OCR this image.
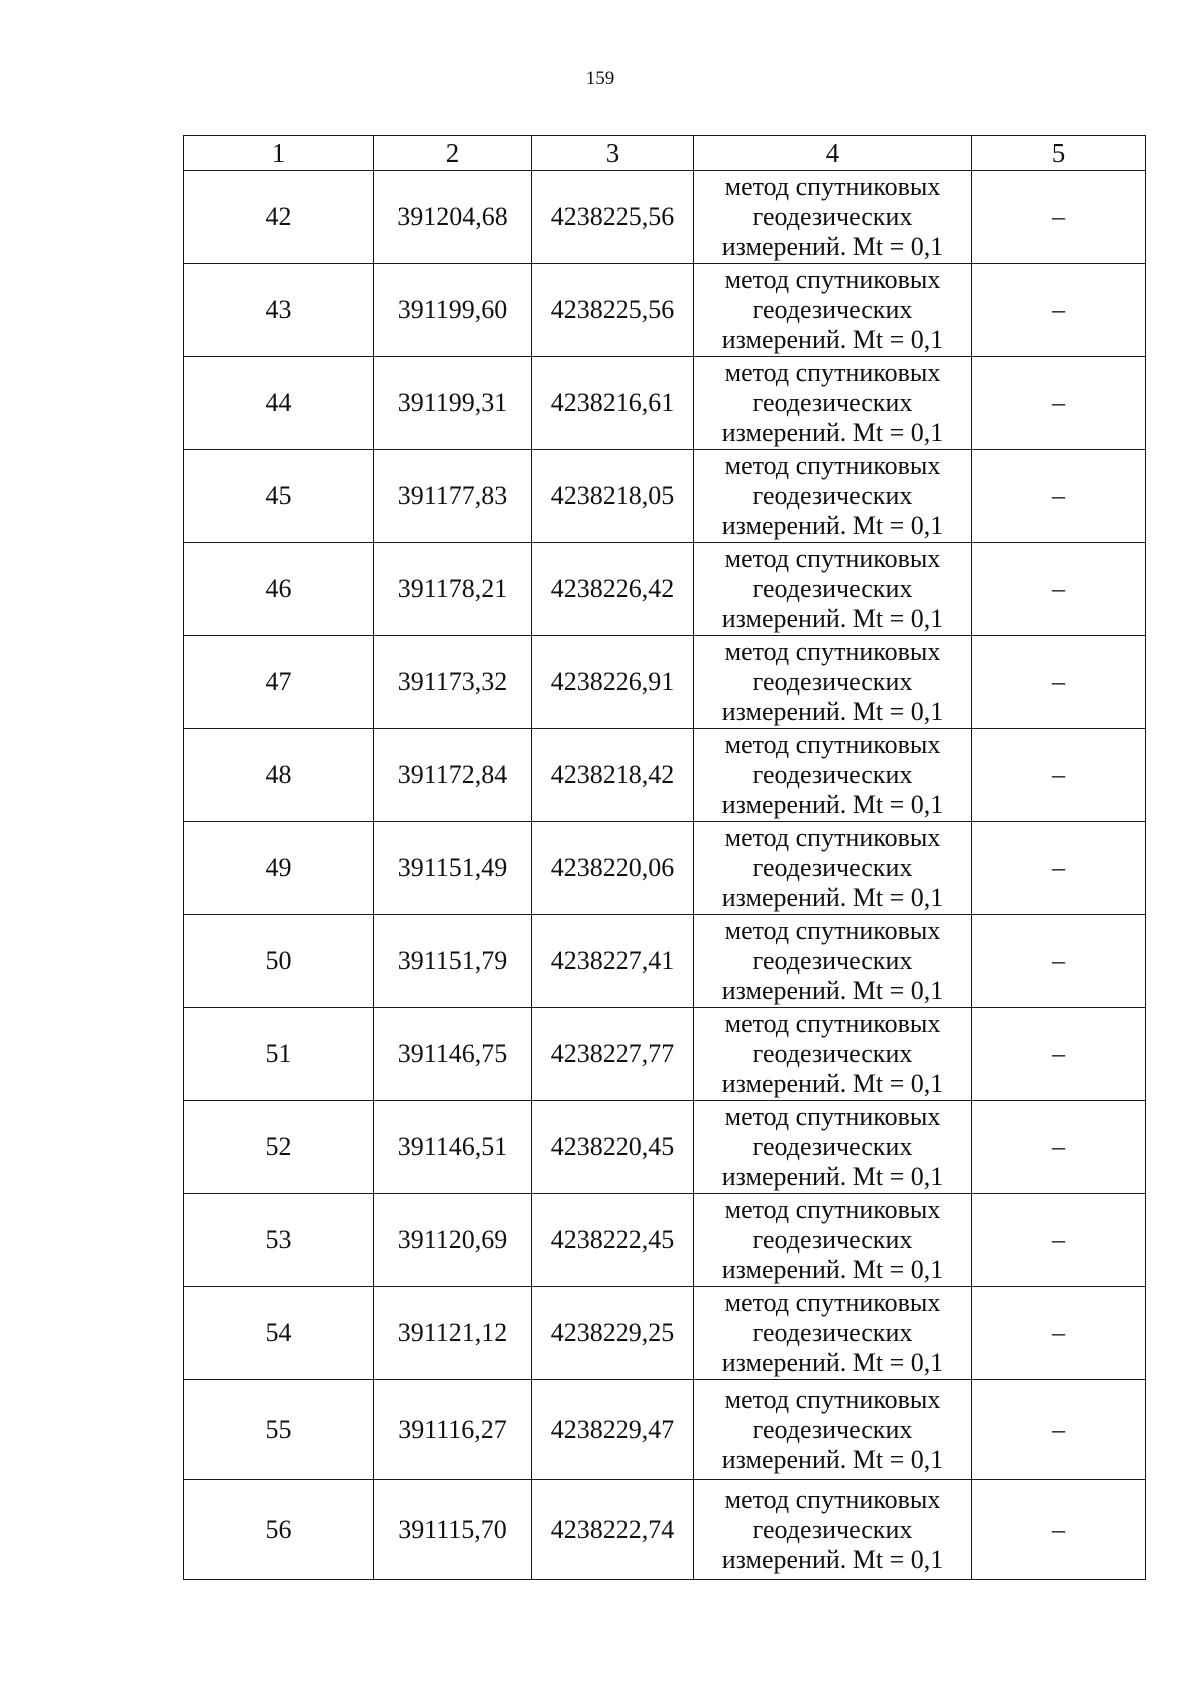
159
1	2	3	4	5
42	391204,68	4238225,56	метод спутниковых
геодезических
измерений. Mt = 0,1	–
43	391199,60	4238225,56	метод спутниковых
геодезических
измерений. Mt = 0,1	–
44	391199,31	4238216,61	метод спутниковых
геодезических
измерений. Mt = 0,1	–
45	391177,83	4238218,05	метод спутниковых
геодезических
измерений. Mt = 0,1	–
46	391178,21	4238226,42	метод спутниковых
геодезических
измерений. Mt = 0,1	–
47	391173,32	4238226,91	метод спутниковых
геодезических
измерений. Mt = 0,1	–
48	391172,84	4238218,42	метод спутниковых
геодезических
измерений. Mt = 0,1	–
49	391151,49	4238220,06	метод спутниковых
геодезических
измерений. Mt = 0,1	–
50	391151,79	4238227,41	метод спутниковых
геодезических
измерений. Mt = 0,1	–
51	391146,75	4238227,77	метод спутниковых
геодезических
измерений. Mt = 0,1	–
52	391146,51	4238220,45	метод спутниковых
геодезических
измерений. Mt = 0,1	–
53	391120,69	4238222,45	метод спутниковых
геодезических
измерений. Mt = 0,1	–
54	391121,12	4238229,25	метод спутниковых
геодезических
измерений. Mt = 0,1	–
55	391116,27	4238229,47	метод спутниковых
геодезических
измерений. Mt = 0,1	–
56	391115,70	4238222,74	метод спутниковых
геодезических
измерений. Mt = 0,1	–
